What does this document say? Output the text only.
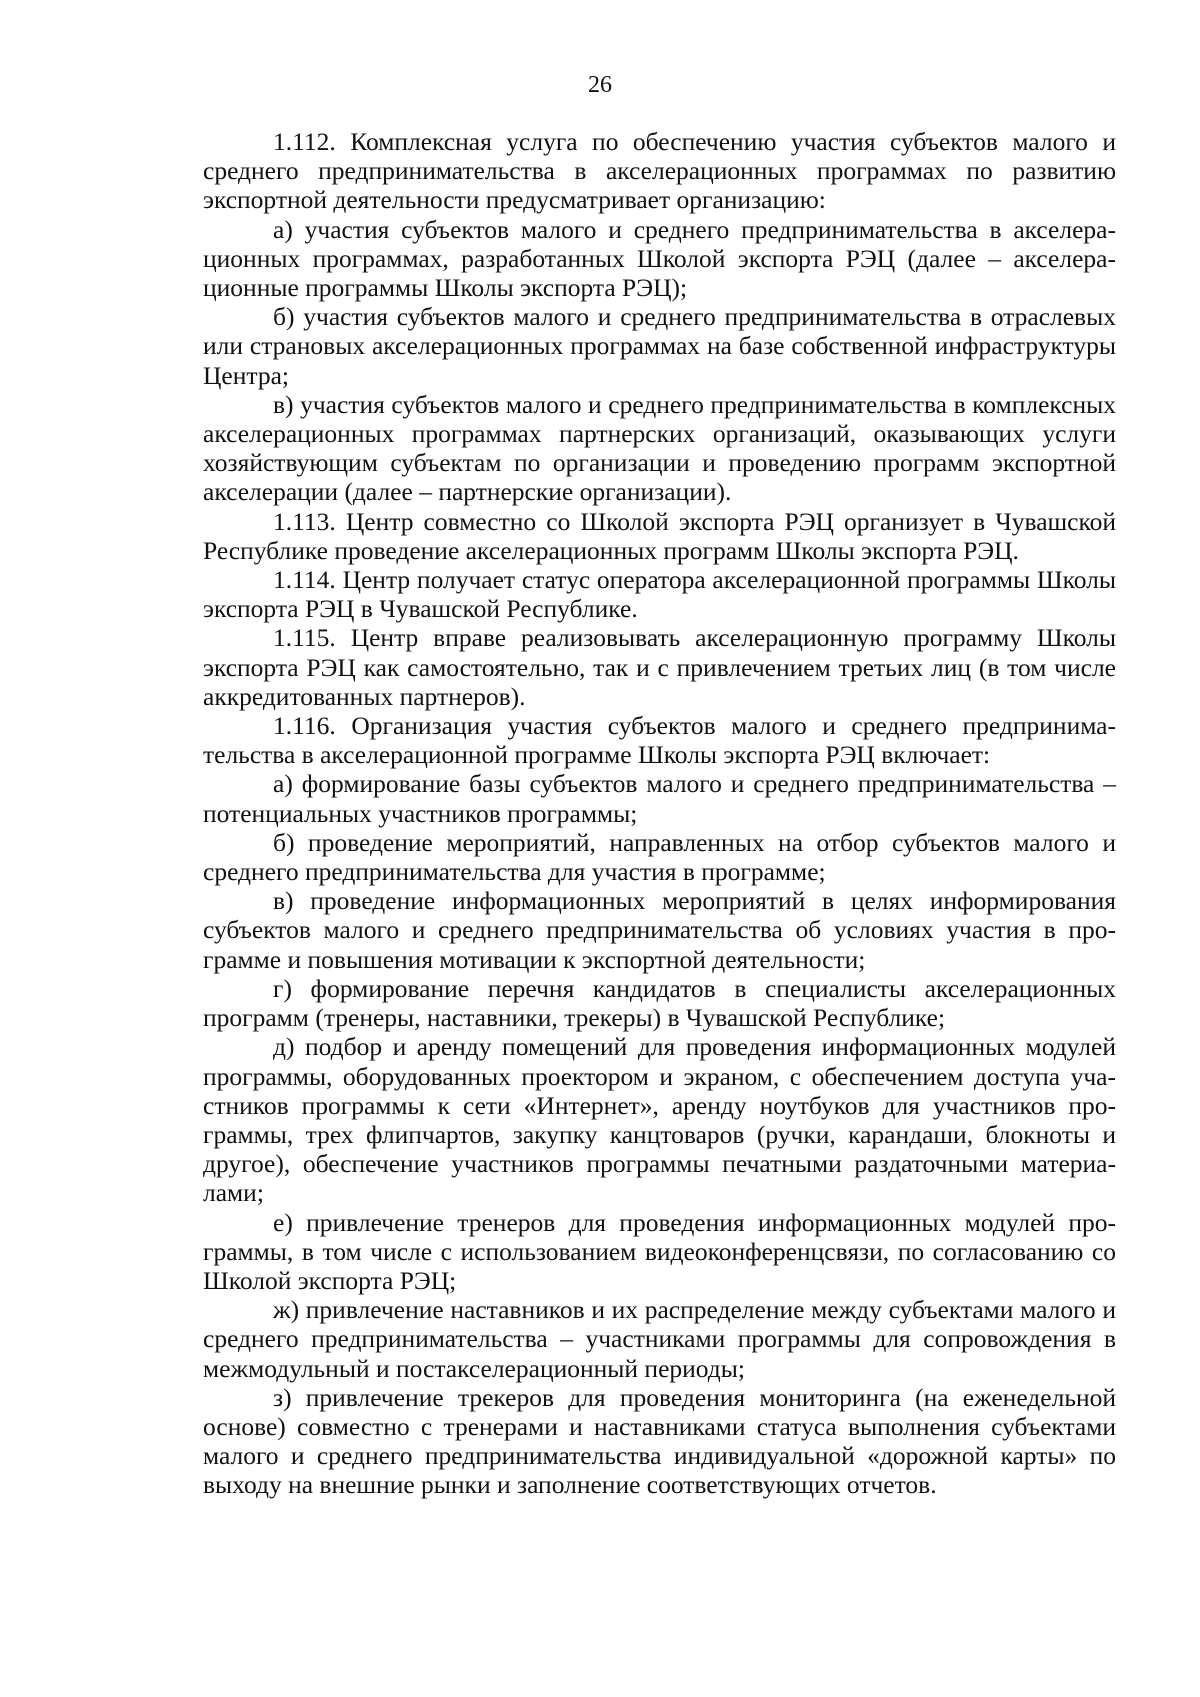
26

1.112. Комплексная услуга по обеспечению участия субъектов малого и среднего предпринимательства в акселерационных программах по развитию экспортной деятельности предусматривает организацию:

а) участия субъектов малого и среднего предпринимательства в акселерационных программах, разработанных Школой экспорта РЭЦ (далее – акселерационные программы Школы экспорта РЭЦ);

б) участия субъектов малого и среднего предпринимательства в отраслевых или страновых акселерационных программах на базе собственной инфраструктуры Центра;

в) участия субъектов малого и среднего предпринимательства в комплексных акселерационных программах партнерских организаций, оказывающих услуги хозяйствующим субъектам по организации и проведению программ экспортной акселерации (далее – партнерские организации).

1.113. Центр совместно со Школой экспорта РЭЦ организует в Чувашской Республике проведение акселерационных программ Школы экспорта РЭЦ.

1.114. Центр получает статус оператора акселерационной программы Школы экспорта РЭЦ в Чувашской Республике.

1.115. Центр вправе реализовывать акселерационную программу Школы экспорта РЭЦ как самостоятельно, так и с привлечением третьих лиц (в том числе аккредитованных партнеров).

1.116. Организация участия субъектов малого и среднего предпринимательства в акселерационной программе Школы экспорта РЭЦ включает:

а) формирование базы субъектов малого и среднего предпринимательства – потенциальных участников программы;

б) проведение мероприятий, направленных на отбор субъектов малого и среднего предпринимательства для участия в программе;

в) проведение информационных мероприятий в целях информирования субъектов малого и среднего предпринимательства об условиях участия в программе и повышения мотивации к экспортной деятельности;

г) формирование перечня кандидатов в специалисты акселерационных программ (тренеры, наставники, трекеры) в Чувашской Республике;

д) подбор и аренду помещений для проведения информационных модулей программы, оборудованных проектором и экраном, с обеспечением доступа участников программы к сети «Интернет», аренду ноутбуков для участников программы, трех флипчартов, закупку канцтоваров (ручки, карандаши, блокноты и другое), обеспечение участников программы печатными раздаточными материалами;

е) привлечение тренеров для проведения информационных модулей программы, в том числе с использованием видеоконференцсвязи, по согласованию со Школой экспорта РЭЦ;

ж) привлечение наставников и их распределение между субъектами малого и среднего предпринимательства – участниками программы для сопровождения в межмодульный и постакселерационный периоды;

з) привлечение трекеров для проведения мониторинга (на еженедельной основе) совместно с тренерами и наставниками статуса выполнения субъектами малого и среднего предпринимательства индивидуальной «дорожной карты» по выходу на внешние рынки и заполнение соответствующих отчетов.
